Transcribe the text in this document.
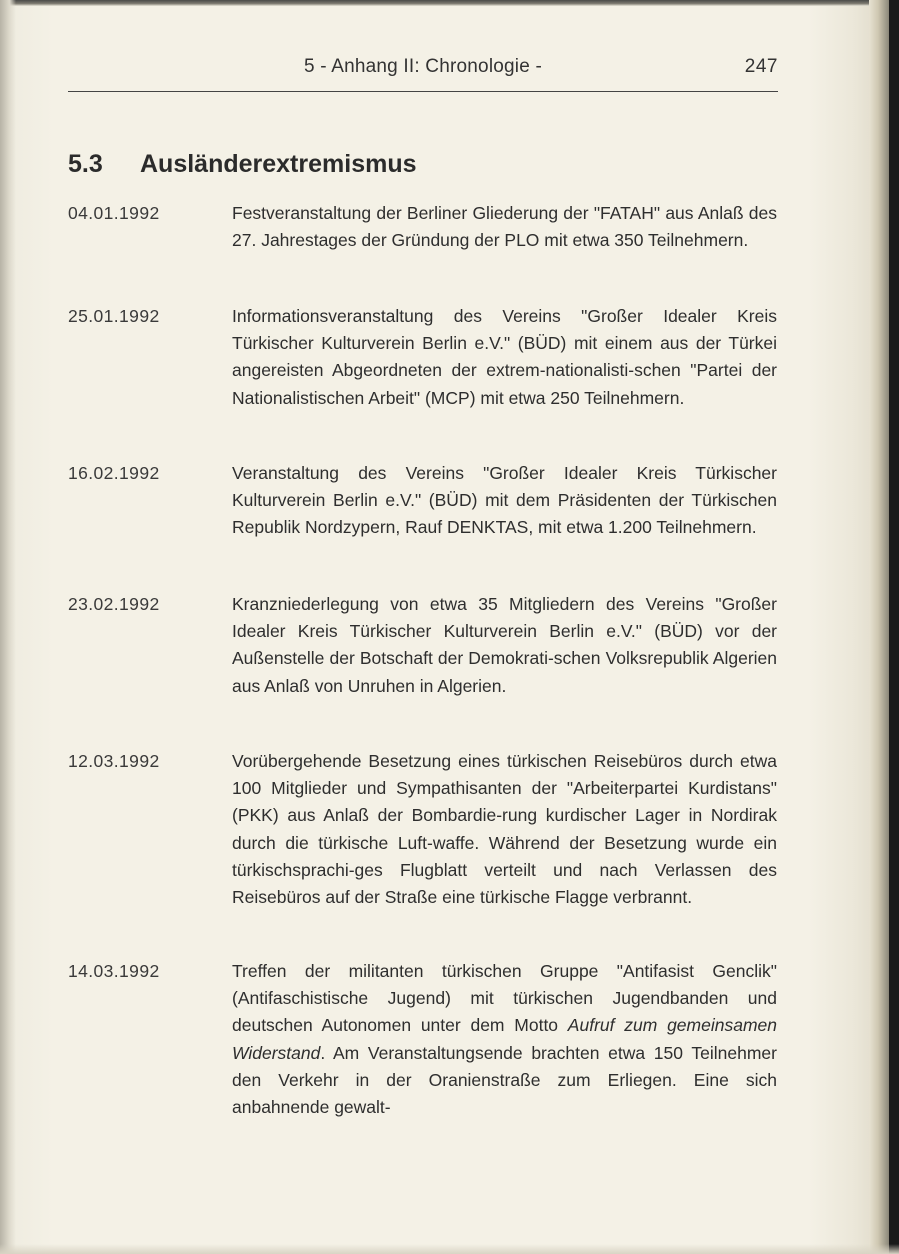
5 - Anhang II: Chronologie -	247
5.3 Ausländerextremismus
04.01.1992	Festveranstaltung der Berliner Gliederung der "FATAH" aus Anlaß des 27. Jahrestages der Gründung der PLO mit etwa 350 Teilnehmern.
25.01.1992	Informationsveranstaltung des Vereins "Großer Idealer Kreis Türkischer Kulturverein Berlin e.V." (BÜD) mit einem aus der Türkei angereisten Abgeordneten der extrem-nationalisti-schen "Partei der Nationalistischen Arbeit" (MCP) mit etwa 250 Teilnehmern.
16.02.1992	Veranstaltung des Vereins "Großer Idealer Kreis Türkischer Kulturverein Berlin e.V." (BÜD) mit dem Präsidenten der Türkischen Republik Nordzypern, Rauf DENKTAS, mit etwa 1.200 Teilnehmern.
23.02.1992	Kranzniederlegung von etwa 35 Mitgliedern des Vereins "Großer Idealer Kreis Türkischer Kulturverein Berlin e.V." (BÜD) vor der Außenstelle der Botschaft der Demokrati-schen Volksrepublik Algerien aus Anlaß von Unruhen in Algerien.
12.03.1992	Vorübergehende Besetzung eines türkischen Reisebüros durch etwa 100 Mitglieder und Sympathisanten der "Arbeiterpartei Kurdistans" (PKK) aus Anlaß der Bombardie-rung kurdischer Lager in Nordirak durch die türkische Luft-waffe. Während der Besetzung wurde ein türkischsprachi-ges Flugblatt verteilt und nach Verlassen des Reisebüros auf der Straße eine türkische Flagge verbrannt.
14.03.1992	Treffen der militanten türkischen Gruppe "Antifasist Genclik" (Antifaschistische Jugend) mit türkischen Jugendbanden und deutschen Autonomen unter dem Motto Aufruf zum gemeinsamen Widerstand. Am Veranstaltungsende brachten etwa 150 Teilnehmer den Verkehr in der Oranienstraße zum Erliegen. Eine sich anbahnende gewalt-
